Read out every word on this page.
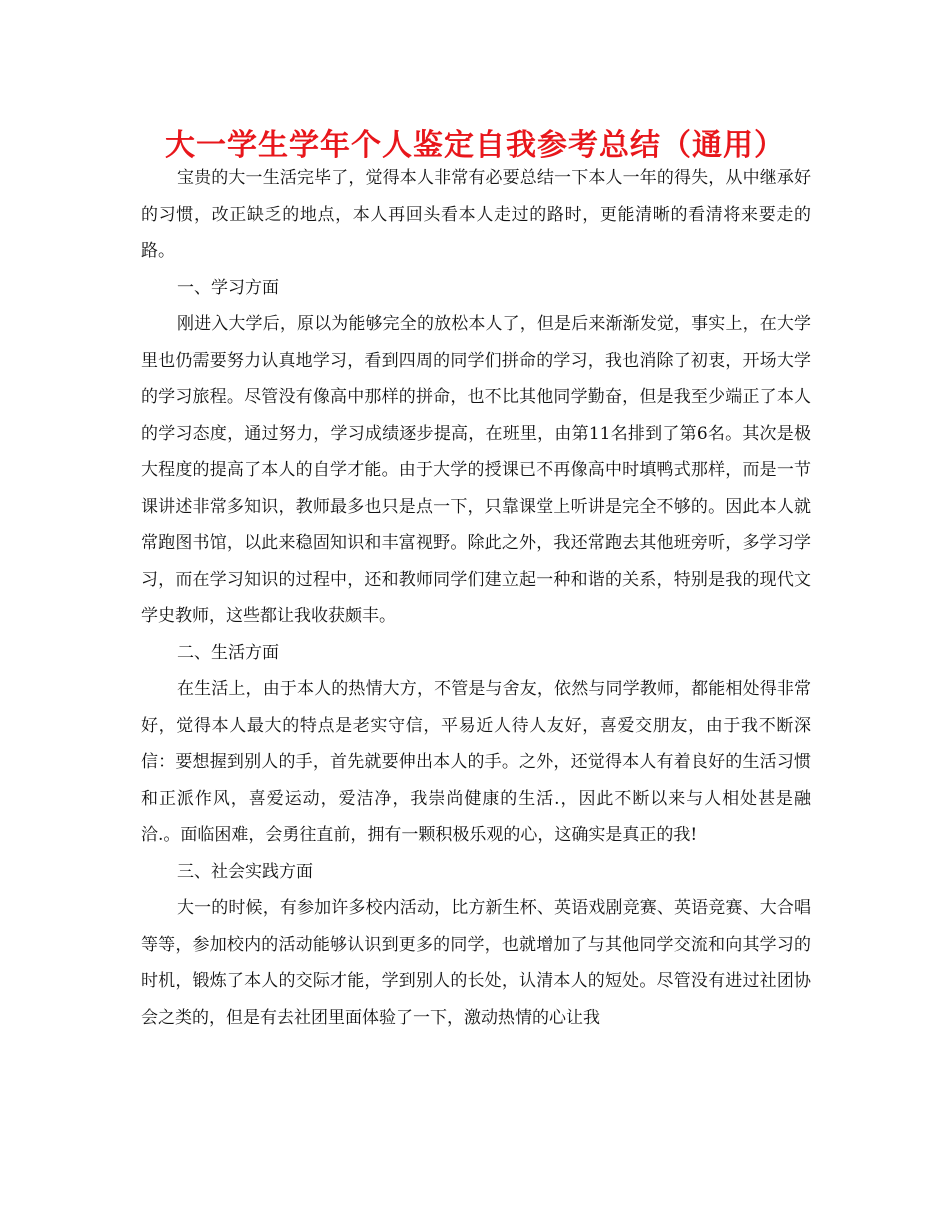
大一学生学年个人鉴定自我参考总结（通用）

宝贵的大一生活完毕了，觉得本人非常有必要总结一下本人一年的得失，从中继承好的习惯，改正缺乏的地点，本人再回头看本人走过的路时，更能清晰的看清将来要走的路。

一、学习方面

刚进入大学后，原以为能够完全的放松本人了，但是后来渐渐发觉，事实上，在大学里也仍需要努力认真地学习，看到四周的同学们拼命的学习，我也消除了初衷，开场大学的学习旅程。尽管没有像高中那样的拼命，也不比其他同学勤奋，但是我至少端正了本人的学习态度，通过努力，学习成绩逐步提高，在班里，由第11名排到了第6名。其次是极大程度的提高了本人的自学才能。由于大学的授课已不再像高中时填鸭式那样，而是一节课讲述非常多知识，教师最多也只是点一下，只靠课堂上听讲是完全不够的。因此本人就常跑图书馆，以此来稳固知识和丰富视野。除此之外，我还常跑去其他班旁听，多学习学习，而在学习知识的过程中，还和教师同学们建立起一种和谐的关系，特别是我的现代文学史教师，这些都让我收获颇丰。

二、生活方面

在生活上，由于本人的热情大方，不管是与舍友，依然与同学教师，都能相处得非常好，觉得本人最大的特点是老实守信，平易近人待人友好，喜爱交朋友，由于我不断深信：要想握到别人的手，首先就要伸出本人的手。之外，还觉得本人有着良好的生活习惯和正派作风，喜爱运动，爱洁净，我崇尚健康的生活.，因此不断以来与人相处甚是融洽.。面临困难，会勇往直前，拥有一颗积极乐观的心，这确实是真正的我!

三、社会实践方面

大一的时候，有参加许多校内活动，比方新生杯、英语戏剧竞赛、英语竞赛、大合唱等等，参加校内的活动能够认识到更多的同学，也就增加了与其他同学交流和向其学习的时机，锻炼了本人的交际才能，学到别人的长处，认清本人的短处。尽管没有进过社团协会之类的，但是有去社团里面体验了一下，激动热情的心让我
